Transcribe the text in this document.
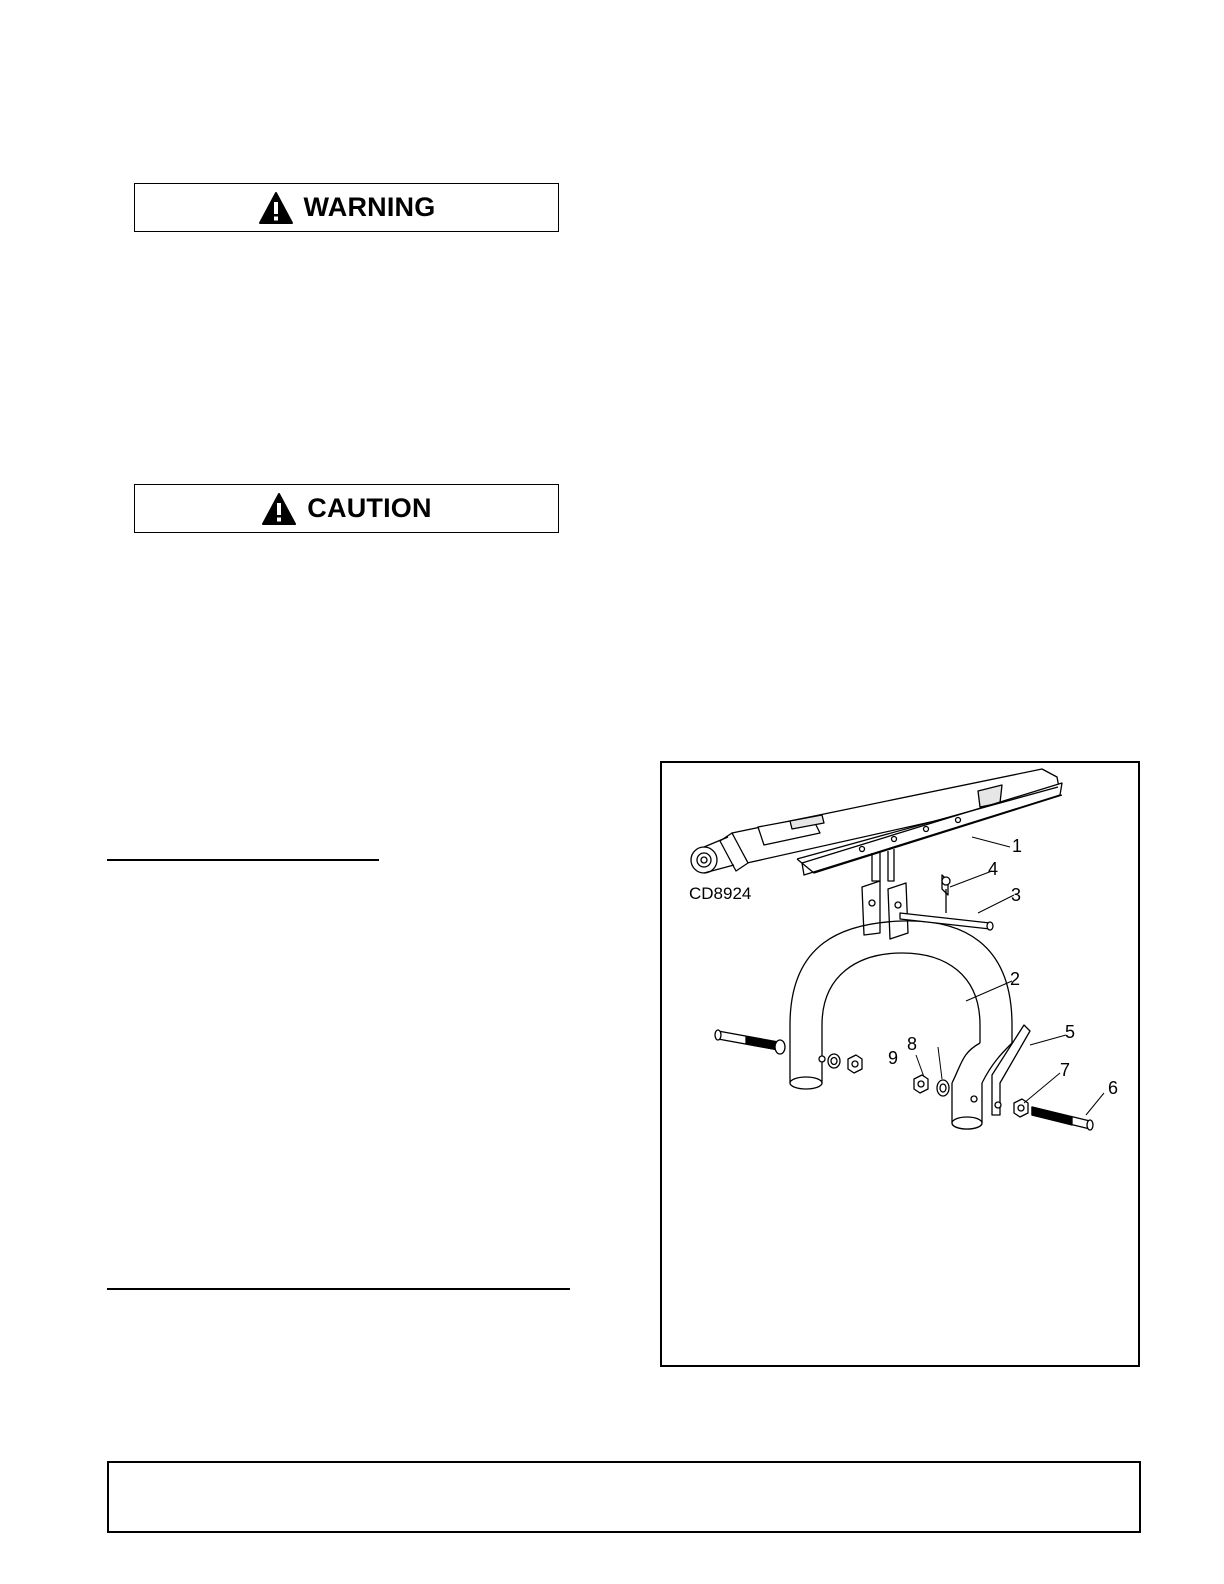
WARNING
CAUTION
1
2
3
4
5
6
7
8
9
CD8924
